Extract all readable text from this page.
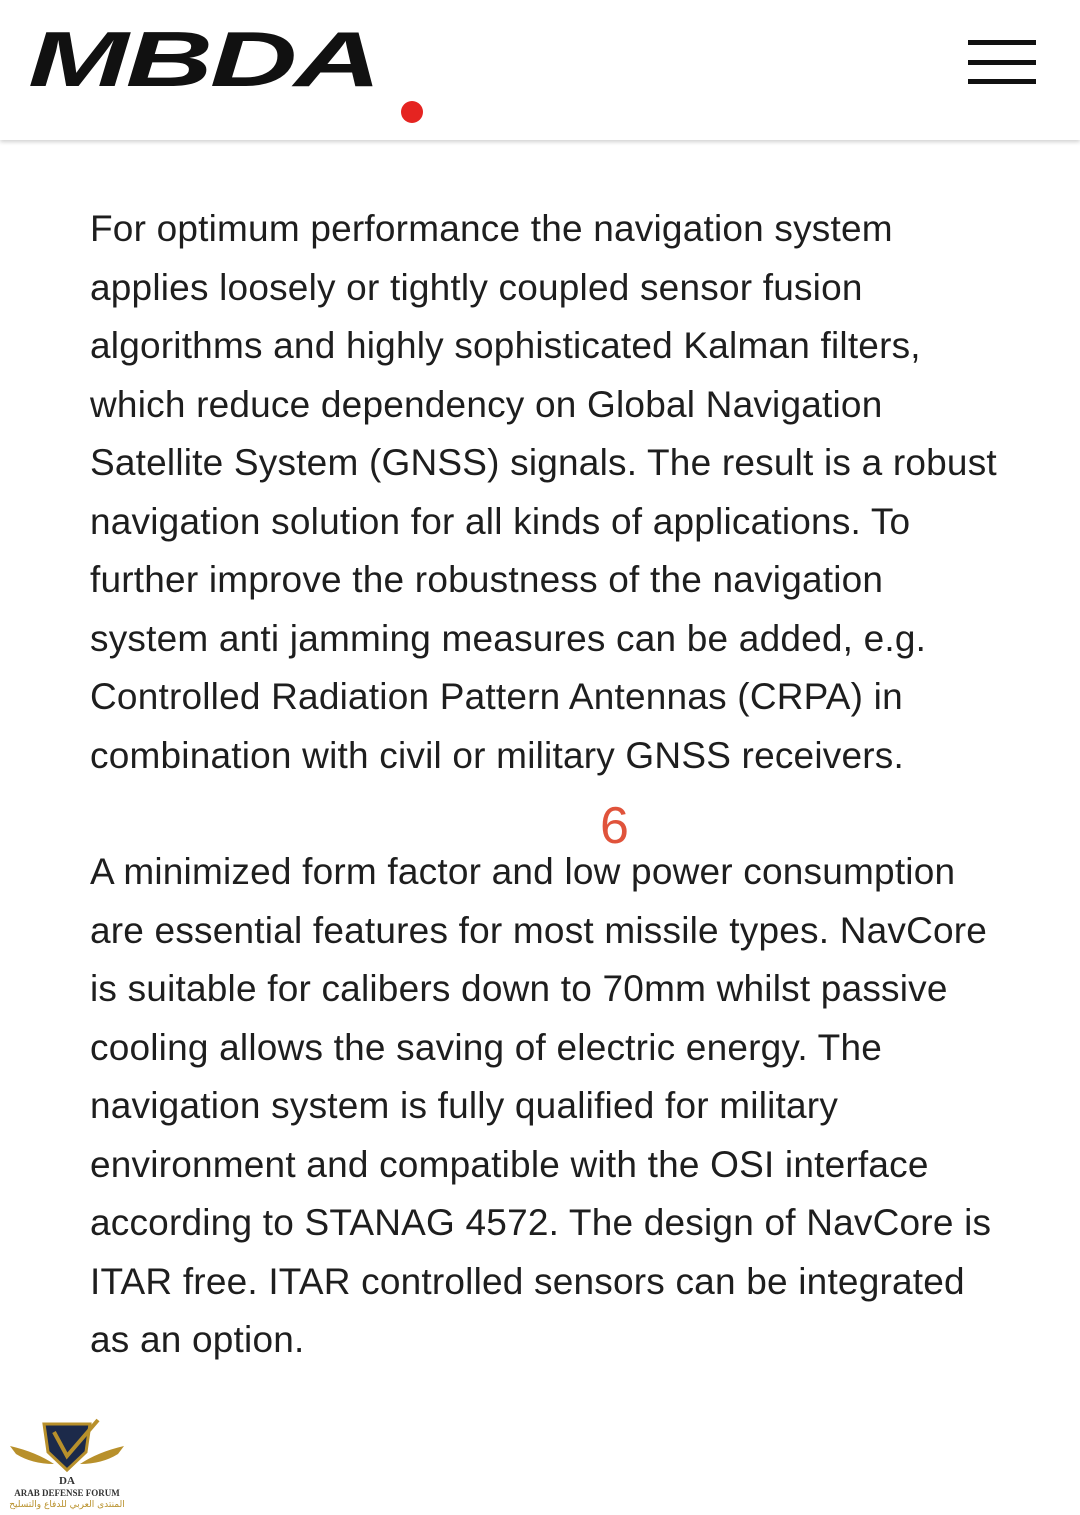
MBDA

For optimum performance the navigation system applies loosely or tightly coupled sensor fusion algorithms and highly sophisticated Kalman filters, which reduce dependency on Global Navigation Satellite System (GNSS) signals. The result is a robust navigation solution for all kinds of applications. To further improve the robustness of the navigation system anti jamming measures can be added, e.g. Controlled Radiation Pattern Antennas (CRPA) in combination with civil or military GNSS receivers.

A minimized form factor and low power consumption are essential features for most missile types. NavCore is suitable for calibers down to 70mm whilst passive cooling allows the saving of electric energy. The navigation system is fully qualified for military environment and compatible with the OSI interface according to STANAG 4572. The design of NavCore is ITAR free. ITAR controlled sensors can be integrated as an option.

6
DA
ARAB DEFENSE FORUM
المنتدى العربي للدفاع والتسليح
